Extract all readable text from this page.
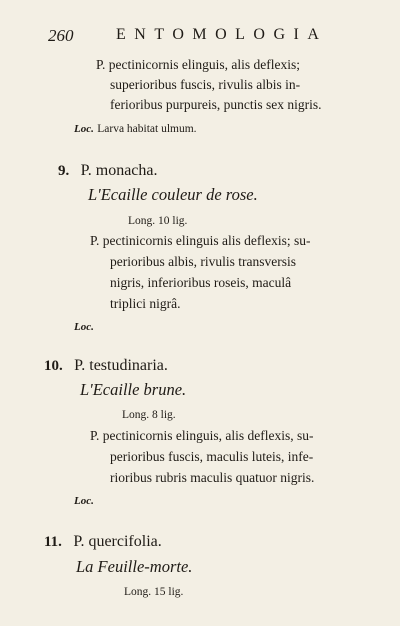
260	ENTOMOLOGIA
P. pectinicornis elinguis, alis deflexis;
superioribus fuscis, rivulis albis in-
ferioribus purpureis, punctis sex nigris.
Loc. Larva habitat ulmum.
9. P. monacha.
L'Ecaille couleur de rose.
Long. 10 lig.
P. pectinicornis elinguis alis deflexis; su-
perioribus albis, rivulis transversis
nigris, inferioribus roseis, maculâ
triplici nigrâ.
Loc.
10. P. testudinaria.
L'Ecaille brune.
Long. 8 lig.
P. pectinicornis elinguis, alis deflexis, su-
perioribus fuscis, maculis luteis, infe-
rioribus rubris maculis quatuor nigris.
Loc.
11. P. quercifolia.
La Feuille-morte.
Long. 15 lig.
